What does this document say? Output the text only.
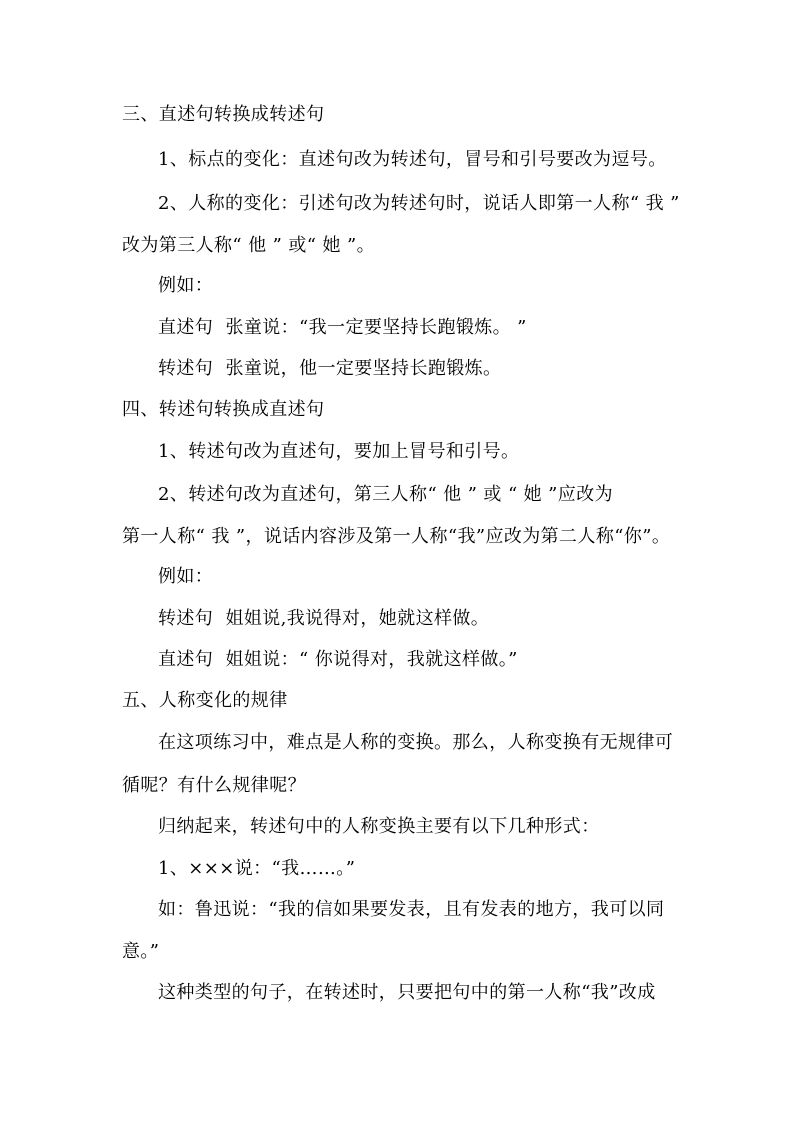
三、直述句转换成转述句
1、标点的变化：直述句改为转述句，冒号和引号要改为逗号。
2、人称的变化：引述句改为转述句时，说话人即第一人称“ 我 ”
改为第三人称“ 他 ” 或“ 她 ”。
例如：
直述句  张童说：“我一定要坚持长跑锻炼。 ”
转述句  张童说，他一定要坚持长跑锻炼。
四、转述句转换成直述句
1、转述句改为直述句，要加上冒号和引号。
2、转述句改为直述句，第三人称“ 他 ” 或 “ 她 ”应改为
第一人称“ 我 ”，说话内容涉及第一人称“我”应改为第二人称“你”。
例如：
转述句  姐姐说,我说得对，她就这样做。
直述句  姐姐说：“ 你说得对，我就这样做。”
五、人称变化的规律
在这项练习中，难点是人称的变换。那么，人称变换有无规律可
循呢？有什么规律呢？
归纳起来，转述句中的人称变换主要有以下几种形式：
1、×××说：“我……。”
如：鲁迅说：“我的信如果要发表，且有发表的地方，我可以同
意。”
这种类型的句子，在转述时，只要把句中的第一人称“我”改成
